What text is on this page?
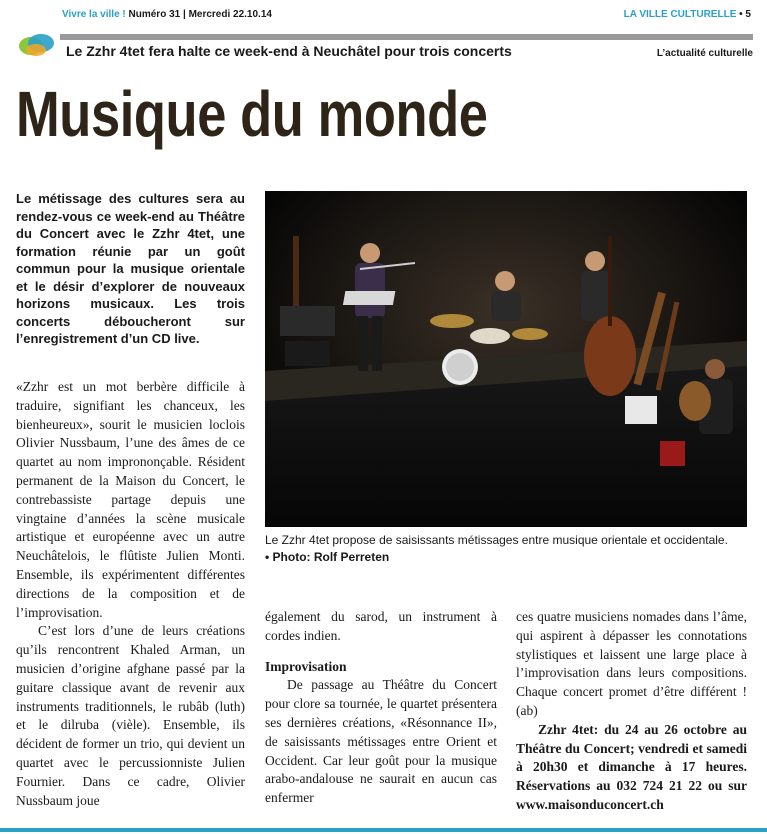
Vivre la ville ! Numéro 31 | Mercredi 22.10.14	LA VILLE CULTURELLE • 5
Le Zzhr 4tet fera halte ce week-end à Neuchâtel pour trois concerts	L’actualité culturelle
Musique du monde
Le métissage des cultures sera au rendez-vous ce week-end au Théâtre du Concert avec le Zzhr 4tet, une formation réunie par un goût commun pour la musique orientale et le désir d’explorer de nouveaux horizons musicaux. Les trois concerts déboucheront sur l’enregistrement d’un CD live.

«Zzhr est un mot berbère difficile à traduire, signifiant les chanceux, les bienheureux», sourit le musicien loclois Olivier Nussbaum, l’une des âmes de ce quartet au nom imprononçable. Résident permanent de la Maison du Concert, le contrebassiste partage depuis une vingtaine d’années la scène musicale artistique et européenne avec un autre Neuchâtelois, le flûtiste Julien Monti. Ensemble, ils expérimentent différentes directions de la composition et de l’improvisation.

C’est lors d’une de leurs créations qu’ils rencontrent Khaled Arman, un musicien d’origine afghane passé par la guitare classique avant de revenir aux instruments traditionnels, le rubâb (luth) et le dilruba (vièle). Ensemble, ils décident de former un trio, qui devient un quartet avec le percussionniste Julien Fournier. Dans ce cadre, Olivier Nussbaum joue

Le Zzhr 4tet propose de saisissants métissages entre musique orientale et occidentale.
• Photo: Rolf Perreten

également du sarod, un instrument à cordes indien.

Improvisation

De passage au Théâtre du Concert pour clore sa tournée, le quartet présentera ses dernières créations, «Résonnance II», de saisissants métissages entre Orient et Occident. Car leur goût pour la musique arabo-andalouse ne saurait en aucun cas enfermer

ces quatre musiciens nomades dans l’âme, qui aspirent à dépasser les connotations stylistiques et laissent une large place à l’improvisation dans leurs compositions. Chaque concert promet d’être différent ! (ab)

Zzhr 4tet: du 24 au 26 octobre au Théâtre du Concert; vendredi et samedi à 20h30 et dimanche à 17 heures. Réservations au 032 724 21 22 ou sur www.maisonduconcert.ch
